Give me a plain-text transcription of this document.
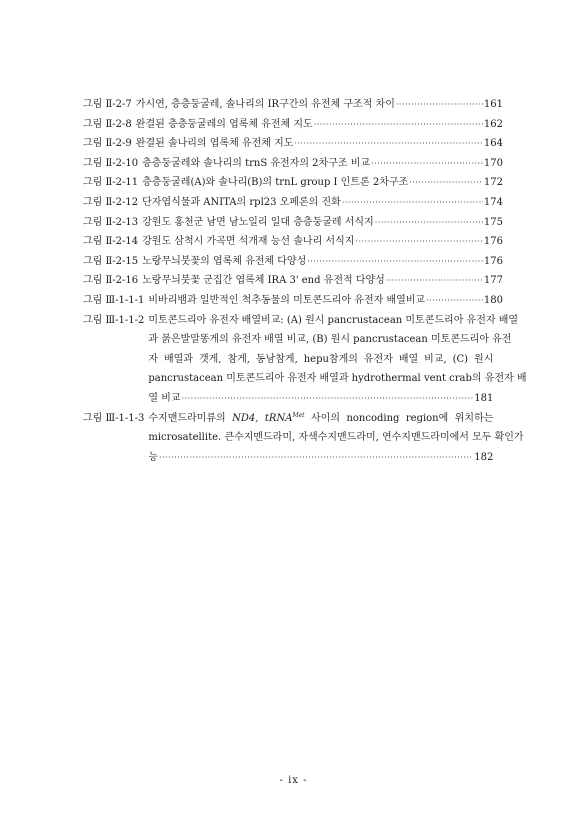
그림 Ⅱ-2-7 가시연, 층층둥굴레, 솔나리의 IR구간의 유전체 구조적 차이 ·····	161
그림 Ⅱ-2-8 완결된 층층둥굴레의 엽록체 유전체 지도 ·····	162
그림 Ⅱ-2-9 완결된 솔나리의 엽록체 유전체 지도 ·····	164
그림 Ⅱ-2-10 층층둥굴레와 솔나리의 trnS 유전자의 2차구조 비교 ·····	170
그림 Ⅱ-2-11 층층둥굴레(A)와 솔나리(B)의 trnL group I 인트론 2차구조 ·····	172
그림 Ⅱ-2-12 단자엽식물과 ANITA의 rpl23 오페론의 진화 ·····	174
그림 Ⅱ-2-13 강원도 홍천군 남면 남노일리 일대 층층둥굴레 서식지 ·····	175
그림 Ⅱ-2-14 강원도 삼척시 가곡면 석개재 능선 솔나리 서식지 ·····	176
그림 Ⅱ-2-15 노랑무늬붓꽃의 엽록체 유전체 다양성 ·····	176
그림 Ⅱ-2-16 노랑무늬붓꽃 군집간 엽록체 IRA 3' end 유전적 다양성 ·····	177
그림 Ⅲ-1-1-1 비바리뱀과 일반적인 척추동물의 미토콘드리아 유전자 배열비교 ·····	180
그림 Ⅲ-1-1-2 미토콘드리아 유전자 배열비교: (A) 원시 pancrustacean 미토콘드리아 유전자 배열
과 붉은발말똥게의 유전자 배열 비교, (B) 원시 pancrustacean 미토콘드리아 유전
자 배열과 갯게, 참게, 동남참게, hepu참게의 유전자 배열 비교, (C) 원시
pancrustacean 미토콘드리아 유전자 배열과 hydrothermal vent crab의 유전자 배
열 비교 ·····	181
그림 Ⅲ-1-1-3 수지맨드라미류의 ND4, tRNA$^{Met}$ 사이의 noncoding region에 위치하는
microsatellite. 큰수지맨드라미, 자색수지맨드라미, 연수지맨드라미에서 모두 확인가
능 ·····	182
- ix -
